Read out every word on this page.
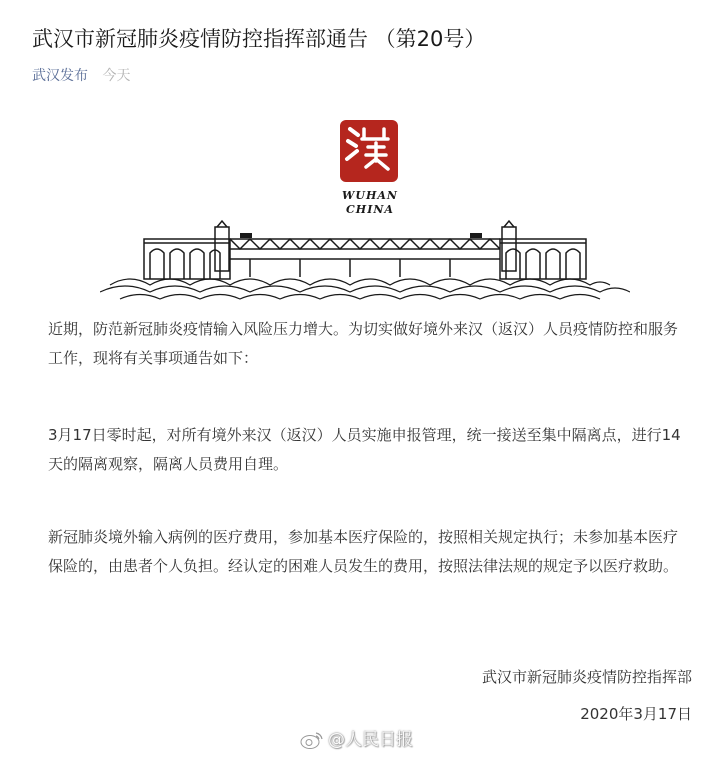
武汉市新冠肺炎疫情防控指挥部通告 （第20号）
武汉发布 今天
WUHAN
CHINA

近期，防范新冠肺炎疫情输入风险压力增大。为切实做好境外来汉（返汉）人员疫情防控和服务工作，现将有关事项通告如下：

3月17日零时起，对所有境外来汉（返汉）人员实施申报管理，统一接送至集中隔离点，进行14天的隔离观察，隔离人员费用自理。

新冠肺炎境外输入病例的医疗费用，参加基本医疗保险的，按照相关规定执行；未参加基本医疗保险的，由患者个人负担。经认定的困难人员发生的费用，按照法律法规的规定予以医疗救助。

武汉市新冠肺炎疫情防控指挥部
2020年3月17日
@人民日报
